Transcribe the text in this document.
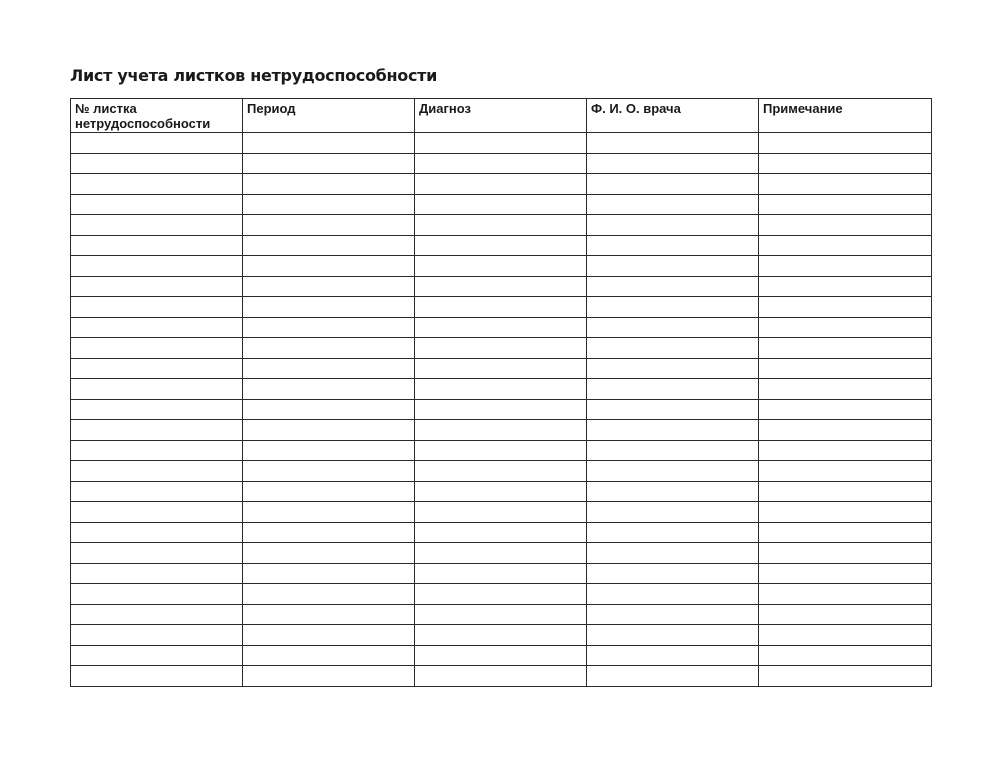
Лист учета листков нетрудоспособности
№ листка нетрудоспособности	Период	Диагноз	Ф. И. О. врача	Примечание
